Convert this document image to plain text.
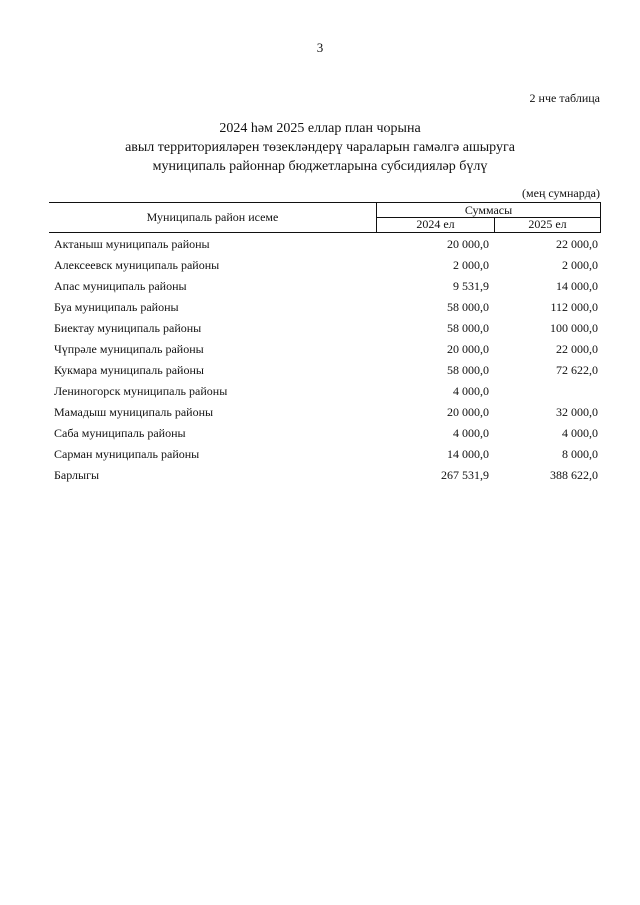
3
2 нче таблица
2024 һәм 2025 еллар план чорына
авыл территорияләрен төзекләндерү чараларын гамәлгә ашыруга
муниципаль районнар бюджетларына субсидияләр бүлү
(мең сумнарда)
Муниципаль район исеме	Суммасы
2024 ел	2025 ел
Актаныш муниципаль районы	20 000,0	22 000,0
Алексеевск муниципаль районы	2 000,0	2 000,0
Апас муниципаль районы	9 531,9	14 000,0
Буа муниципаль районы	58 000,0	112 000,0
Биектау муниципаль районы	58 000,0	100 000,0
Чүпрәле муниципаль районы	20 000,0	22 000,0
Кукмара муниципаль районы	58 000,0	72 622,0
Лениногорск муниципаль районы	4 000,0
Мамадыш муниципаль районы	20 000,0	32 000,0
Саба муниципаль районы	4 000,0	4 000,0
Сарман муниципаль районы	14 000,0	8 000,0
Барлыгы	267 531,9	388 622,0
